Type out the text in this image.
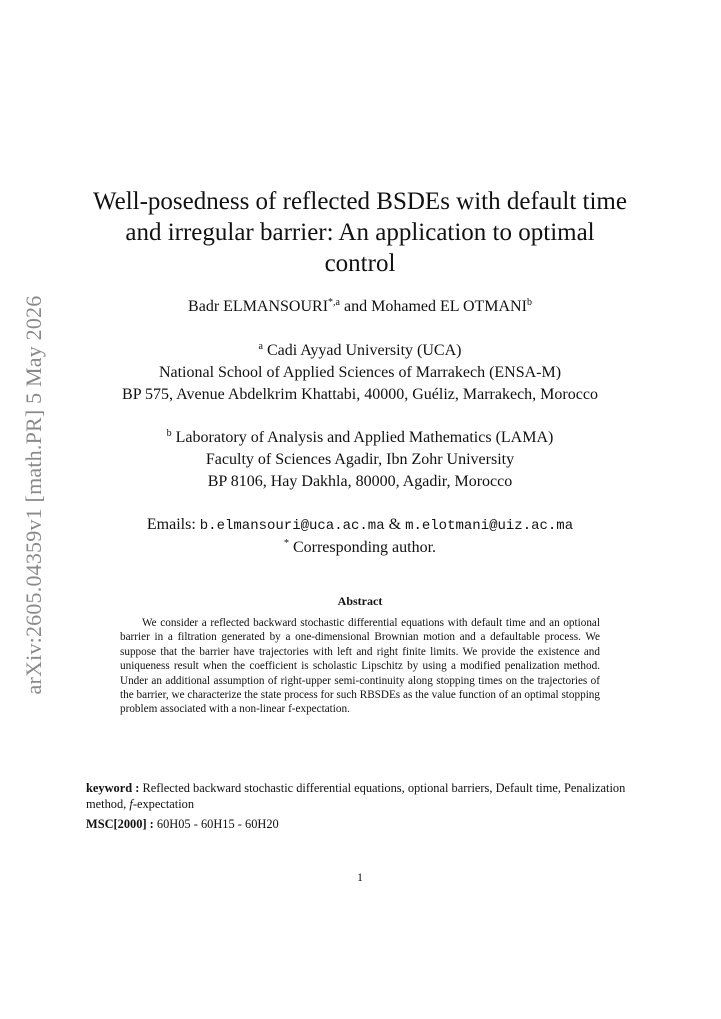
arXiv:2605.04359v1 [math.PR] 5 May 2026
Well-posedness of reflected BSDEs with default time
and irregular barrier: An application to optimal
control
Badr $ELMANSOURI^{*,a}$ and Mohamed EL OTMANI$^b$
$^a$ Cadi Ayyad University (UCA)
National School of Applied Sciences of Marrakech (ENSA-M)
BP 575, Avenue Abdelkrim Khattabi, 40000, Guéliz, Marrakech, Morocco
$^b$ Laboratory of Analysis and Applied Mathematics (LAMA)
Faculty of Sciences Agadir, Ibn Zohr University
BP 8106, Hay Dakhla, 80000, Agadir, Morocco
Emails: b.elmansouri@uca.ac.ma & m.elotmani@uiz.ac.ma
* Corresponding author.
Abstract

We consider a reflected backward stochastic differential equations with default time and an optional barrier in a filtration generated by a one-dimensional Brownian motion and a defaultable process. We suppose that the barrier have trajectories with left and right finite limits. We provide the existence and uniqueness result when the coefficient is scholastic Lipschitz by using a modified penalization method. Under an additional assumption of right-upper semi-continuity along stopping times on the trajectories of the barrier, we characterize the state process for such RBSDEs as the value function of an optimal stopping problem associated with a non-linear f-expectation.

keyword : Reflected backward stochastic differential equations, optional barriers, Default time, Penalization method, f-expectation

MSC[2000] : 60H05 - 60H15 - 60H20
1
